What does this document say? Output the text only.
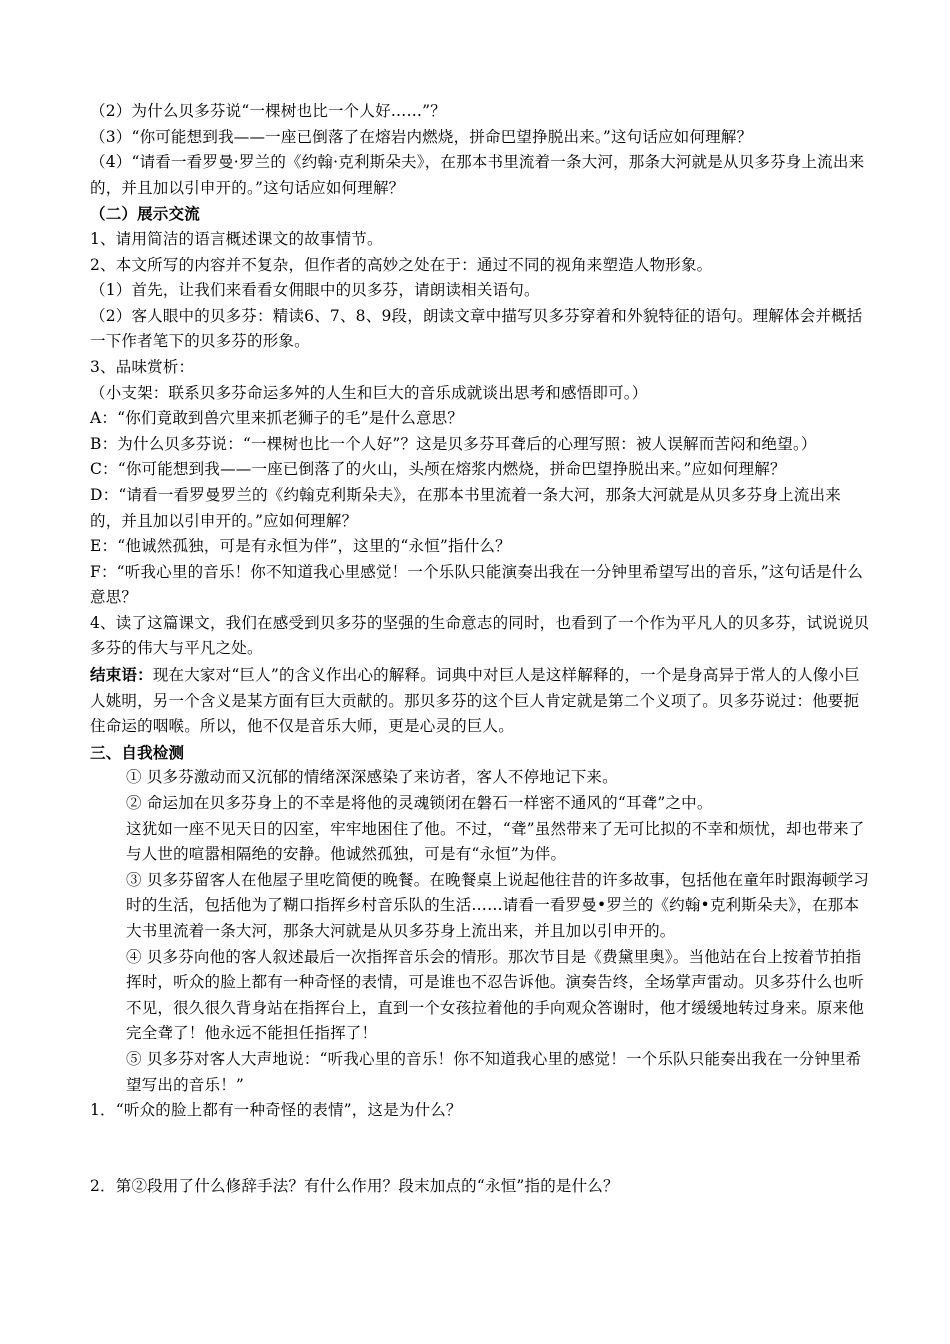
（2）为什么贝多芬说“一棵树也比一个人好……”？

（3）“你可能想到我——一座已倒落了在熔岩内燃烧，拼命巴望挣脱出来。”这句话应如何理解？

（4）“请看一看罗曼·罗兰的《约翰·克利斯朵夫》，在那本书里流着一条大河，那条大河就是从贝多芬身上流出来的，并且加以引申开的。”这句话应如何理解？

（二）展示交流

1、请用简洁的语言概述课文的故事情节。

2、本文所写的内容并不复杂，但作者的高妙之处在于：通过不同的视角来塑造人物形象。

（1）首先，让我们来看看女佣眼中的贝多芬，请朗读相关语句。

（2）客人眼中的贝多芬：精读6、7、8、9段，朗读文章中描写贝多芬穿着和外貌特征的语句。理解体会并概括一下作者笔下的贝多芬的形象。

3、品味赏析：

（小支架：联系贝多芬命运多舛的人生和巨大的音乐成就谈出思考和感悟即可。）

A：“你们竟敢到兽穴里来抓老狮子的毛”是什么意思？

B：为什么贝多芬说：“一棵树也比一个人好”？这是贝多芬耳聋后的心理写照：被人误解而苦闷和绝望。）

C：“你可能想到我——一座已倒落了的火山，头颅在熔浆内燃烧，拼命巴望挣脱出来。”应如何理解？

D：“请看一看罗曼罗兰的《约翰克利斯朵夫》，在那本书里流着一条大河，那条大河就是从贝多芬身上流出来的，并且加以引申开的。”应如何理解？

E：“他诚然孤独，可是有永恒为伴”，这里的“永恒”指什么？

F：“听我心里的音乐！你不知道我心里感觉！一个乐队只能演奏出我在一分钟里希望写出的音乐，”这句话是什么意思？

4、读了这篇课文，我们在感受到贝多芬的坚强的生命意志的同时，也看到了一个作为平凡人的贝多芬，试说说贝多芬的伟大与平凡之处。

结束语：现在大家对“巨人”的含义作出心的解释。词典中对巨人是这样解释的，一个是身高异于常人的人像小巨人姚明，另一个含义是某方面有巨大贡献的。那贝多芬的这个巨人肯定就是第二个义项了。贝多芬说过：他要扼住命运的咽喉。所以，他不仅是音乐大师，更是心灵的巨人。

三、自我检测

① 贝多芬激动而又沉郁的情绪深深感染了来访者，客人不停地记下来。

② 命运加在贝多芬身上的不幸是将他的灵魂锁闭在磐石一样密不通风的“耳聋”之中。

这犹如一座不见天日的囚室，牢牢地困住了他。不过，“聋”虽然带来了无可比拟的不幸和烦忧，却也带来了与人世的喧嚣相隔绝的安静。他诚然孤独，可是有“永恒”为伴。

③ 贝多芬留客人在他屋子里吃简便的晚餐。在晚餐桌上说起他往昔的许多故事，包括他在童年时跟海顿学习时的生活，包括他为了糊口指挥乡村音乐队的生活……请看一看罗曼•罗兰的《约翰•克利斯朵夫》，在那本大书里流着一条大河，那条大河就是从贝多芬身上流出来，并且加以引申开的。

④ 贝多芬向他的客人叙述最后一次指挥音乐会的情形。那次节目是《费黛里奥》。当他站在台上按着节拍指挥时，听众的脸上都有一种奇怪的表情，可是谁也不忍告诉他。演奏告终，全场掌声雷动。贝多芬什么也听不见，很久很久背身站在指挥台上，直到一个女孩拉着他的手向观众答谢时，他才缓缓地转过身来。原来他完全聋了！他永远不能担任指挥了！

⑤ 贝多芬对客人大声地说：“听我心里的音乐！你不知道我心里的感觉！一个乐队只能奏出我在一分钟里希望写出的音乐！”

1．“听众的脸上都有一种奇怪的表情”，这是为什么？

2．第②段用了什么修辞手法？有什么作用？段末加点的“永恒”指的是什么？
